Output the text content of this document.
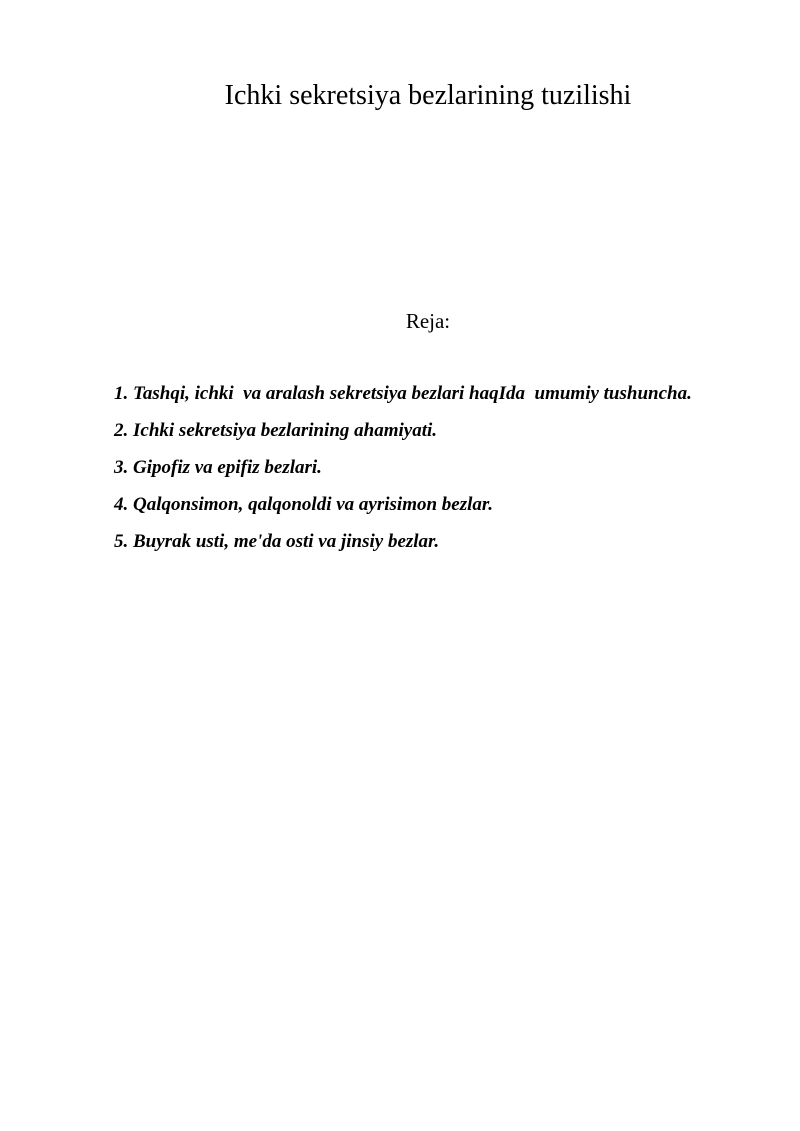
Ichki sekretsiya bezlarining tuzilishi
Reja:
1. Tashqi, ichki  va aralash sekretsiya bezlari haqIda  umumiy tushuncha.
2. Ichki sekretsiya bezlarining ahamiyati.
3. Gipofiz va epifiz bezlari.
4. Qalqonsimon, qalqonoldi va ayrisimon bezlar.
5. Buyrak usti, me'da osti va jinsiy bezlar.
